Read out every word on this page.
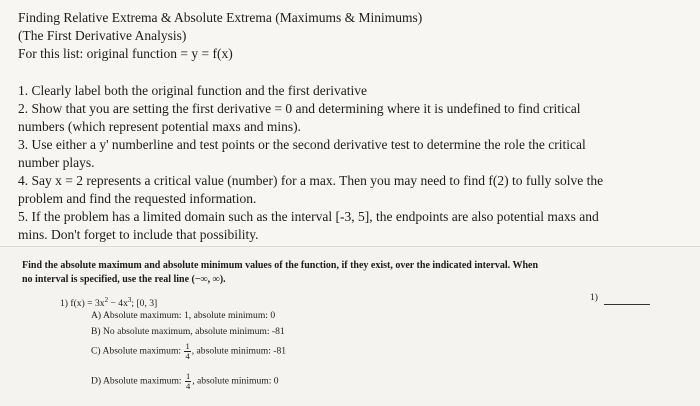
Finding Relative Extrema & Absolute Extrema (Maximums & Minimums)
(The First Derivative Analysis)
For this list: original function = y = f(x)
1. Clearly label both the original function and the first derivative
2. Show that you are setting the first derivative = 0 and determining where it is undefined to find critical
numbers (which represent potential maxs and mins).
3. Use either a y' numberline and test points or the second derivative test to determine the role the critical
number plays.
4. Say x = 2 represents a critical value (number) for a max. Then you may need to find f(2) to fully solve the
problem and find the requested information.
5. If the problem has a limited domain such as the interval [-3, 5], the endpoints are also potential maxs and
mins. Don't forget to include that possibility.
Find the absolute maximum and absolute minimum values of the function, if they exist, over the indicated interval. When
no interval is specified, use the real line (−∞, ∞).
1) $f(x) = 3x^2 - 4x^3$; [0, 3]
1)
A) Absolute maximum: 1, absolute minimum: 0
B) No absolute maximum, absolute minimum: -81
C) Absolute maximum: $\frac{1}{4}$ , absolute minimum: -81
D) Absolute maximum: $\frac{1}{4}$ , absolute minimum: 0
